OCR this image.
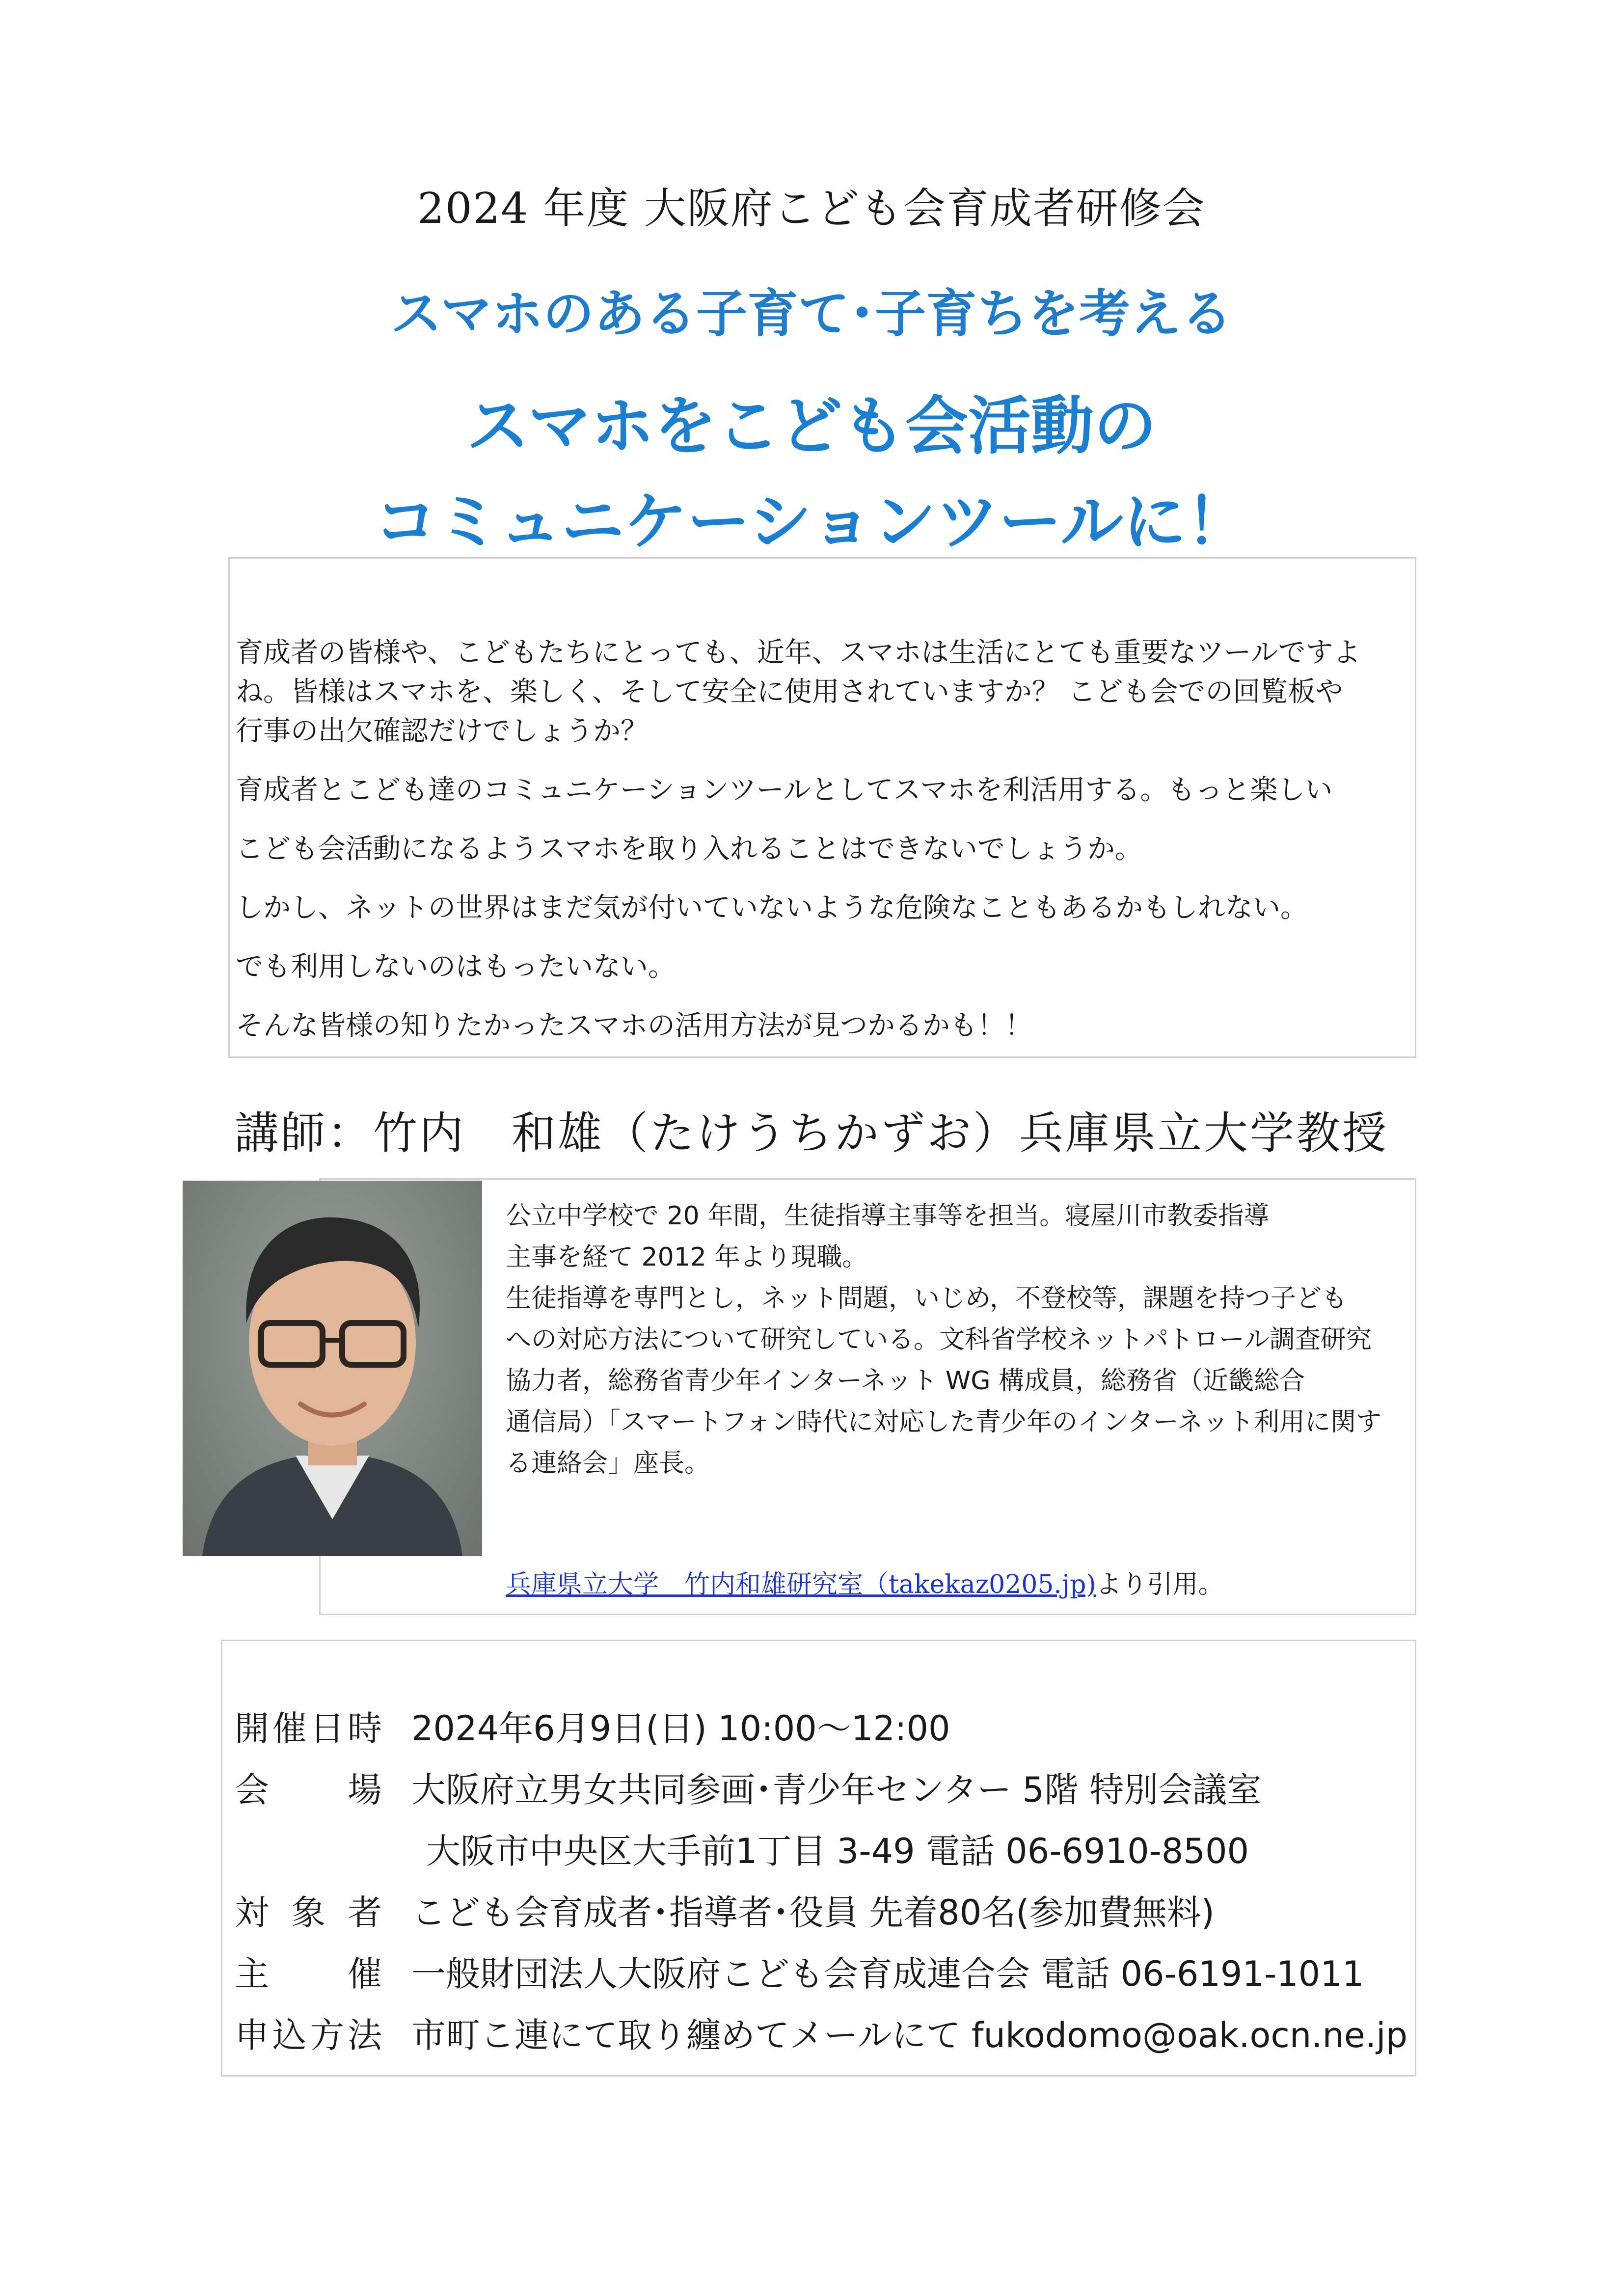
2024 年度 大阪府こども会育成者研修会
スマホのある子育て･子育ちを考える
スマホをこども会活動の
コミュニケーションツールに！
育成者の皆様や、こどもたちにとっても、近年、スマホは生活にとても重要なツールですよ
ね。皆様はスマホを、楽しく、そして安全に使用されていますか？ こども会での回覧板や
行事の出欠確認だけでしょうか？
育成者とこども達のコミュニケーションツールとしてスマホを利活用する。もっと楽しい
こども会活動になるようスマホを取り入れることはできないでしょうか。
しかし、ネットの世界はまだ気が付いていないような危険なこともあるかもしれない。
でも利用しないのはもったいない。
そんな皆様の知りたかったスマホの活用方法が見つかるかも！！
講師：竹内　和雄（たけうちかずお）兵庫県立大学教授
公立中学校で 20 年間，生徒指導主事等を担当。寝屋川市教委指導
主事を経て 2012 年より現職。
生徒指導を専門とし，ネット問題，いじめ，不登校等，課題を持つ子ども
への対応方法について研究している。文科省学校ネットパトロール調査研究
協力者，総務省青少年インターネット WG 構成員，総務省（近畿総合
通信局）「スマートフォン時代に対応した青少年のインターネット利用に関す
る連絡会」座長。
兵庫県立大学　竹内和雄研究室（takekaz0205.jp)より引用。
開催日時 2024年6月9日(日) 10:00～12:00
会　場 大阪府立男女共同参画･青少年センター 5階 特別会議室
大阪市中央区大手前1丁目 3-49 電話 06-6910-8500
対 象 者 こども会育成者･指導者･役員 先着80名(参加費無料)
主　催 一般財団法人大阪府こども会育成連合会 電話 06-6191-1011
申込方法 市町こ連にて取り纏めてメールにて fukodomo@oak.ocn.ne.jp
